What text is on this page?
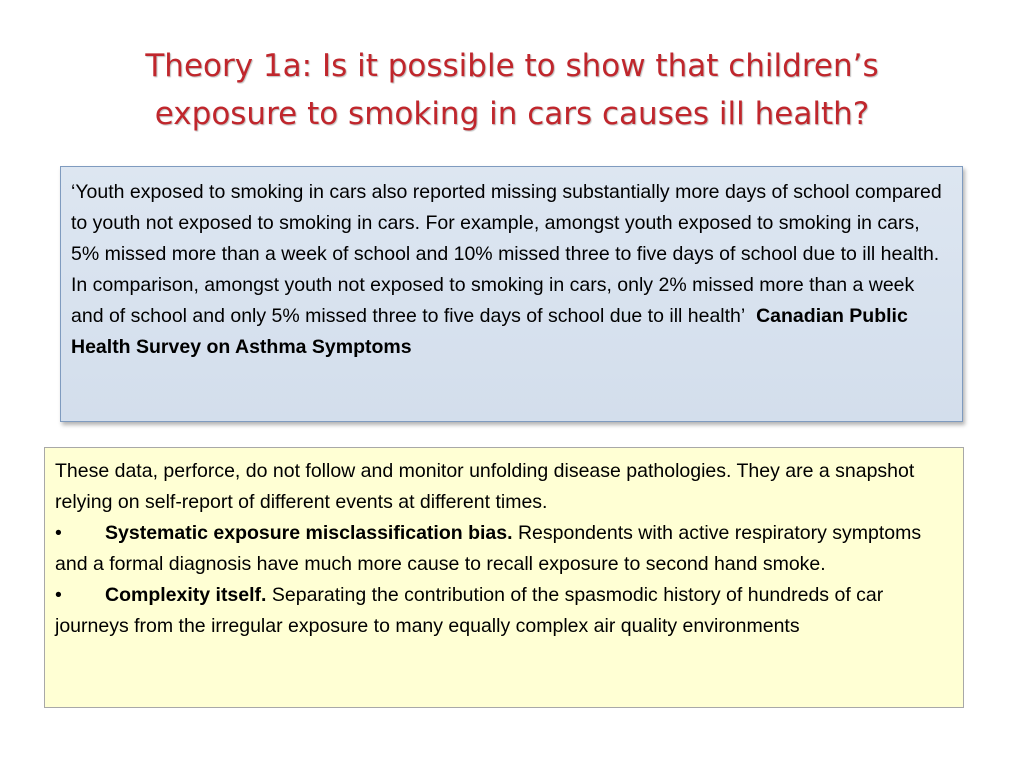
Theory 1a: Is it possible to show that children’s
exposure to smoking in cars causes ill health?
‘Youth exposed to smoking in cars also reported missing substantially more days of school compared to youth not exposed to smoking in cars. For example, amongst youth exposed to smoking in cars, 5% missed more than a week of school and 10% missed three to five days of school due to ill health. In comparison, amongst youth not exposed to smoking in cars, only 2% missed more than a week and of school and only 5% missed three to five days of school due to ill health’ Canadian Public Health Survey on Asthma Symptoms

These data, perforce, do not follow and monitor unfolding disease pathologies. They are a snapshot relying on self-report of different events at different times.

• Systematic exposure misclassification bias. Respondents with active respiratory symptoms and a formal diagnosis have much more cause to recall exposure to second hand smoke.

• Complexity itself. Separating the contribution of the spasmodic history of hundreds of car journeys from the irregular exposure to many equally complex air quality environments
